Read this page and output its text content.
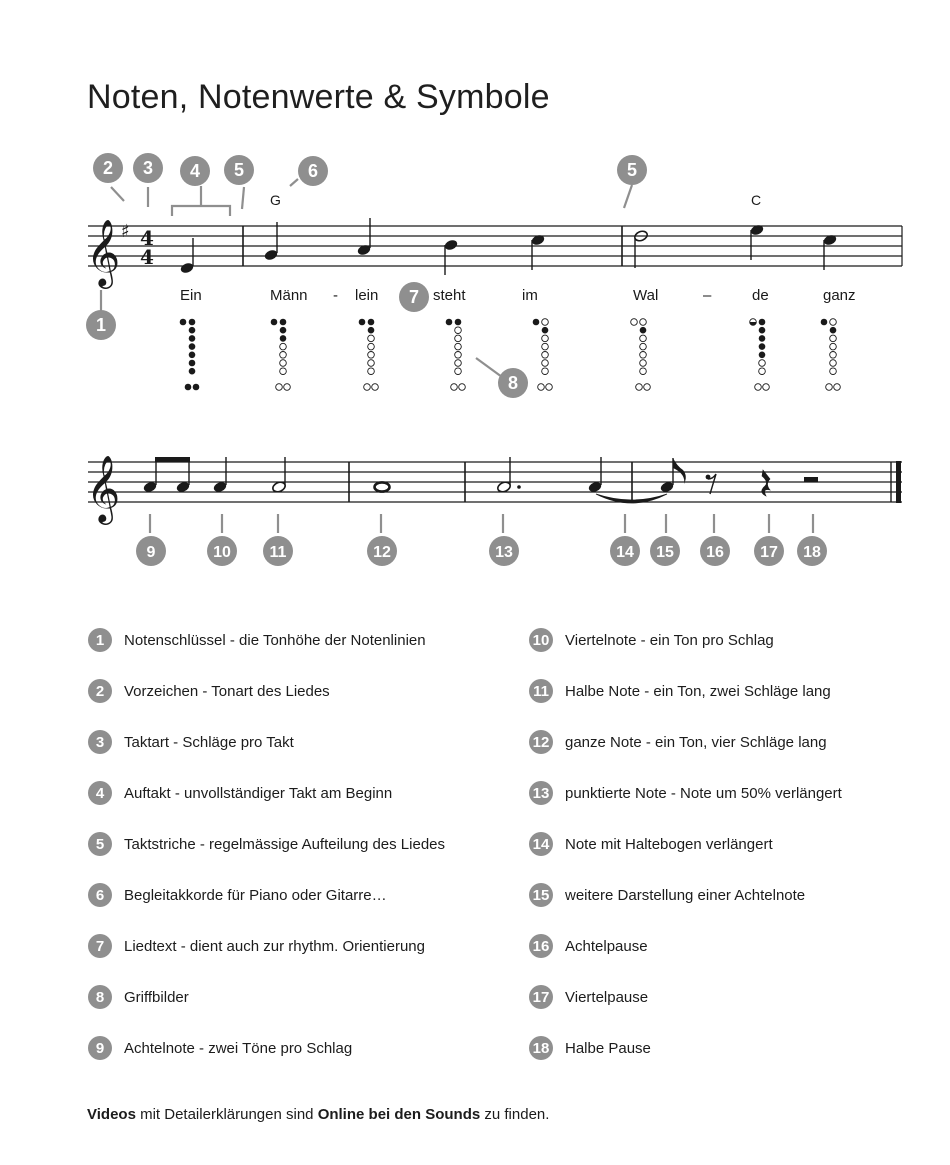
Noten, Notenwerte & Symbole
𝄞 ♯ 4
4
G	C
Ein	Männ - lein	steht	im	Wal	–	de	ganz
𝄞
1
2 3 4 5	5
6
7
8
9	10 11	12	13	14 15 16 17 18
1	Notenschlüssel - die Tonhöhe der Notenlinien
2	Vorzeichen - Tonart des Liedes
3	Taktart - Schläge pro Takt
4	Auftakt - unvollständiger Takt am Beginn
5	Taktstriche - regelmässige Aufteilung des Liedes
6	Begleitakkorde für Piano oder Gitarre…
7	Liedtext - dient auch zur rhythm. Orientierung
8	Griffbilder
9	Achtelnote - zwei Töne pro Schlag
10 Viertelnote - ein Ton pro Schlag
11 Halbe Note - ein Ton, zwei Schläge lang
12 ganze Note - ein Ton, vier Schläge lang
13 punktierte Note - Note um 50% verlängert
14 Note mit Haltebogen verlängert
15 weitere Darstellung einer Achtelnote
16 Achtelpause
17 Viertelpause
18 Halbe Pause

Videos mit Detailerklärungen sind Online bei den Sounds zu finden.
